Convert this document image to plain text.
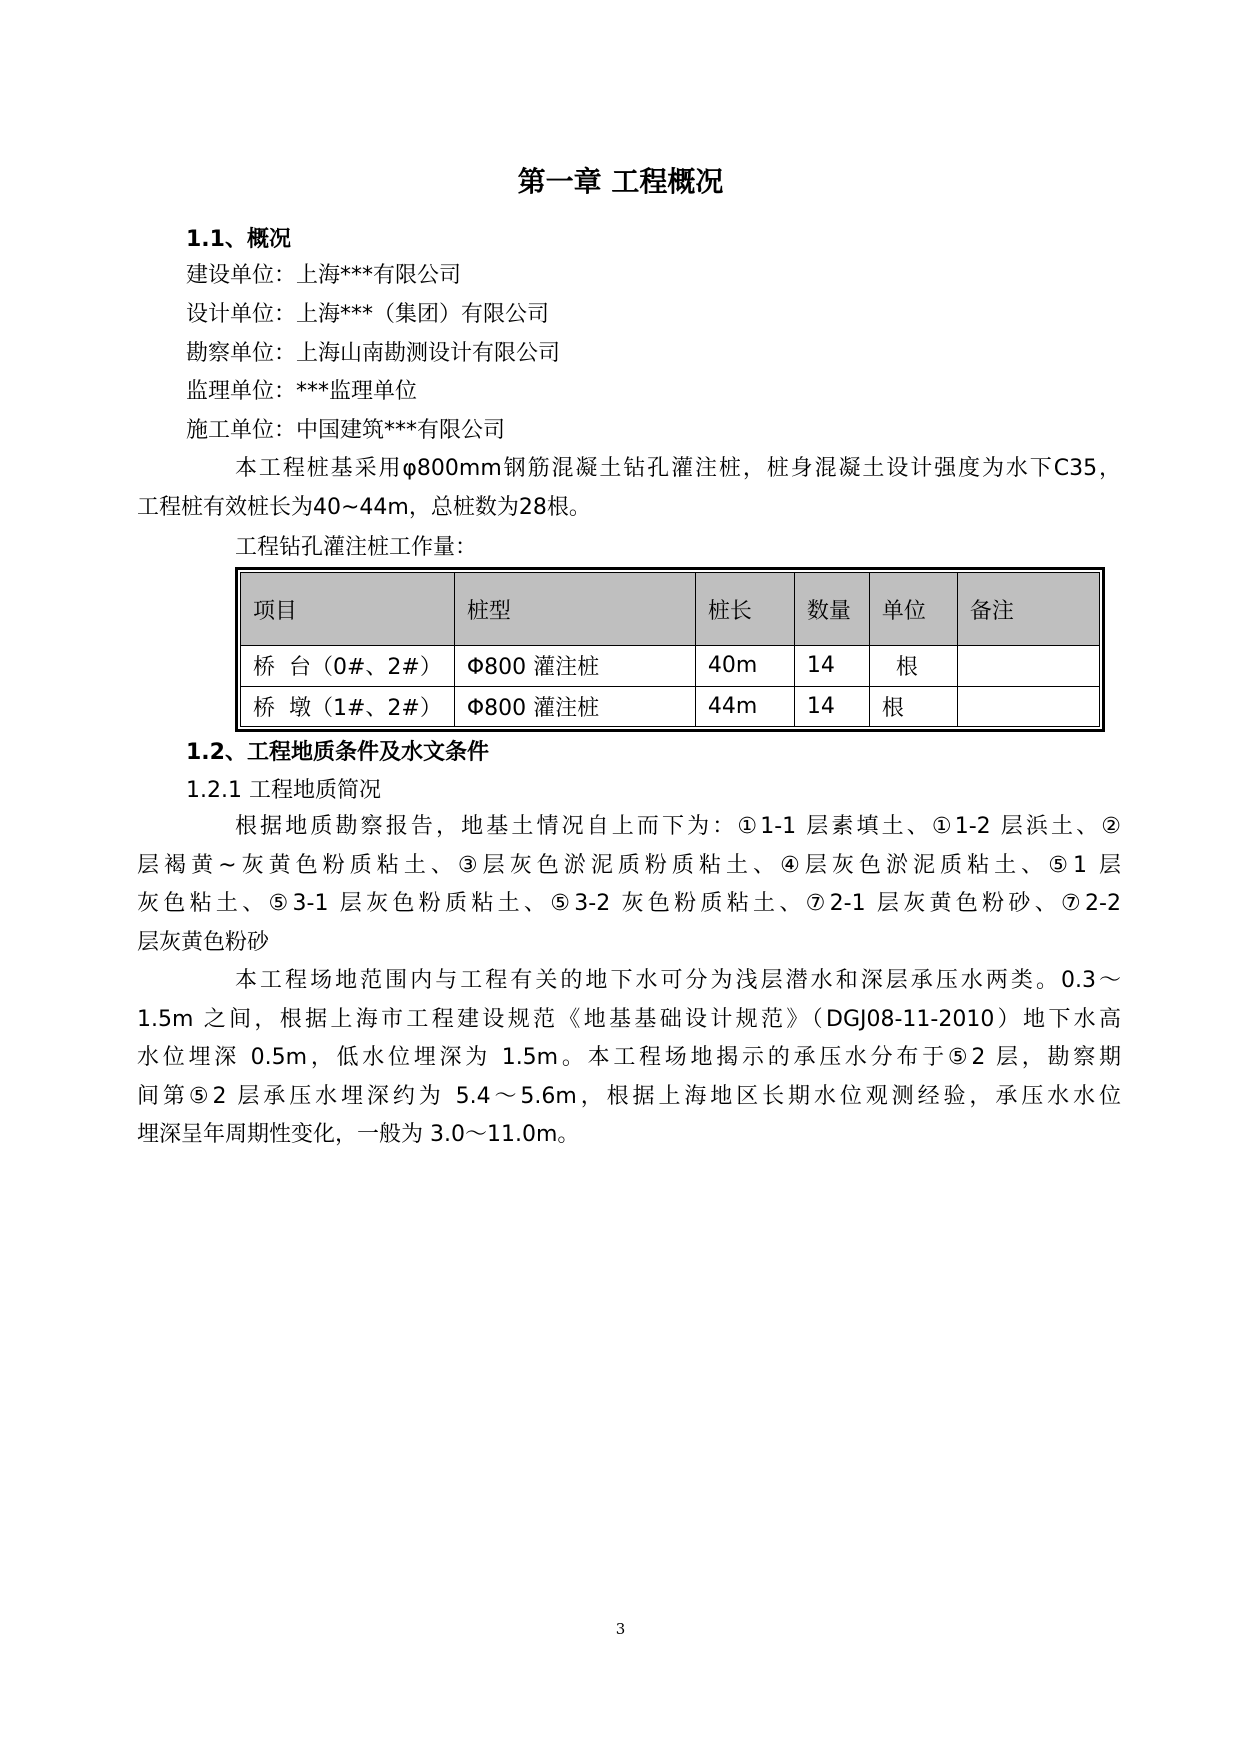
第一章 工程概况
1.1、概况
建设单位：上海***有限公司
设计单位：上海***（集团）有限公司
勘察单位：上海山南勘测设计有限公司
监理单位：***监理单位
施工单位：中国建筑***有限公司
本工程桩基采用φ800mm钢筋混凝土钻孔灌注桩，桩身混凝土设计强度为水下C35，
工程桩有效桩长为40~44m，总桩数为28根。
工程钻孔灌注桩工作量：
项目	桩型	桩长	数量	单位	备注
桥  台（0#、2#）	Φ800 灌注桩	40m	14	根	
桥  墩（1#、2#）	Φ800 灌注桩	44m	14	根	
1.2、工程地质条件及水文条件
1.2.1 工程地质简况
根据地质勘察报告，地基土情况自上而下为：①1-1 层素填土、①1-2 层浜土、②
层褐黄~灰黄色粉质粘土、③层灰色淤泥质粉质粘土、④层灰色淤泥质粘土、⑤1 层
灰色粘土、⑤3-1 层灰色粉质粘土、⑤3-2 灰色粉质粘土、⑦2-1 层灰黄色粉砂、⑦2-2
层灰黄色粉砂
本工程场地范围内与工程有关的地下水可分为浅层潜水和深层承压水两类。0.3～
1.5m 之间，根据上海市工程建设规范《地基基础设计规范》（DGJ08-11-2010）地下水高
水位埋深 0.5m，低水位埋深为 1.5m。本工程场地揭示的承压水分布于⑤2 层，勘察期
间第⑤2 层承压水埋深约为 5.4～5.6m，根据上海地区长期水位观测经验，承压水水位
埋深呈年周期性变化，一般为 3.0～11.0m。
3
